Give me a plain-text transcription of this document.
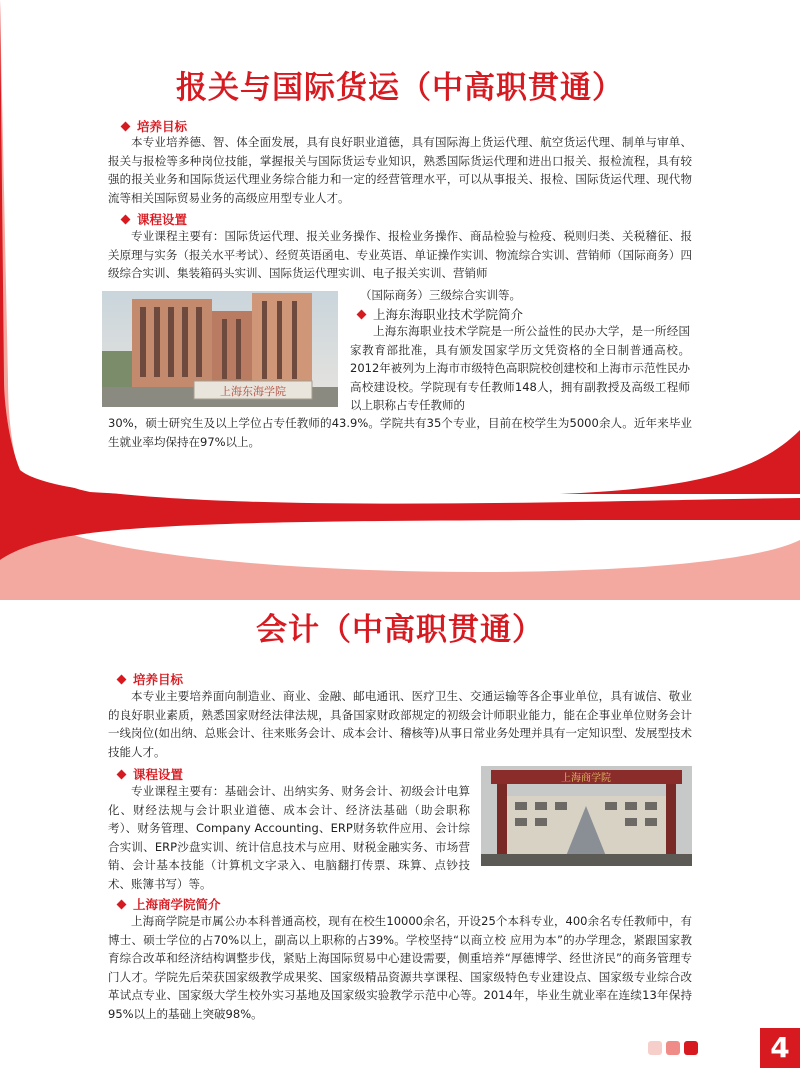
报关与国际货运（中高职贯通）
培养目标

本专业培养德、智、体全面发展，具有良好职业道德，具有国际海上货运代理、航空货运代理、制单与审单、报关与报检等多种岗位技能，掌握报关与国际货运专业知识，熟悉国际货运代理和进出口报关、报检流程，具有较强的报关业务和国际货运代理业务综合能力和一定的经营管理水平，可以从事报关、报检、国际货运代理、现代物流等相关国际贸易业务的高级应用型专业人才。

课程设置

专业课程主要有：国际货运代理、报关业务操作、报检业务操作、商品检验与检疫、税则归类、关税稽征、报关原理与实务（报关水平考试）、经贸英语函电、专业英语、单证操作实训、物流综合实训、营销师（国际商务）四级综合实训、集装箱码头实训、国际货运代理实训、电子报关实训、营销师

上海东海学院

（国际商务）三级综合实训等。

上海东海职业技术学院简介

上海东海职业技术学院是一所公益性的民办大学，是一所经国家教育部批准，具有颁发国家学历文凭资格的全日制普通高校。2012年被列为上海市市级特色高职院校创建校和上海市示范性民办高校建设校。学院现有专任教师148人，拥有副教授及高级工程师以上职称占专任教师的

30%，硕士研究生及以上学位占专任教师的43.9%。学院共有35个专业，目前在校学生为5000余人。近年来毕业生就业率均保持在97%以上。

会计（中高职贯通）
培养目标

本专业主要培养面向制造业、商业、金融、邮电通讯、医疗卫生、交通运输等各企事业单位，具有诚信、敬业的良好职业素质，熟悉国家财经法律法规，具备国家财政部规定的初级会计师职业能力，能在企事业单位财务会计一线岗位(如出纳、总账会计、往来账务会计、成本会计、稽核等)从事日常业务处理并具有一定知识型、发展型技术技能人才。

课程设置

专业课程主要有：基础会计、出纳实务、财务会计、初级会计电算化、财经法规与会计职业道德、成本会计、经济法基础（助会职称考）、财务管理、Company Accounting、ERP财务软件应用、会计综合实训、ERP沙盘实训、统计信息技术与应用、财税金融实务、市场营销、会计基本技能（计算机文字录入、电脑翻打传票、珠算、点钞技术、账簿书写）等。

上海商学院
上海商学院简介

上海商学院是市属公办本科普通高校，现有在校生10000余名，开设25个本科专业，400余名专任教师中，有博士、硕士学位的占70%以上，副高以上职称的占39%。学校坚持“以商立校 应用为本”的办学理念，紧跟国家教育综合改革和经济结构调整步伐，紧贴上海国际贸易中心建设需要，侧重培养“厚德博学、经世济民”的商务管理专门人才。学院先后荣获国家级教学成果奖、国家级精品资源共享课程、国家级特色专业建设点、国家级专业综合改革试点专业、国家级大学生校外实习基地及国家级实验教学示范中心等。2014年，毕业生就业率在连续13年保持95%以上的基础上突破98%。

4
